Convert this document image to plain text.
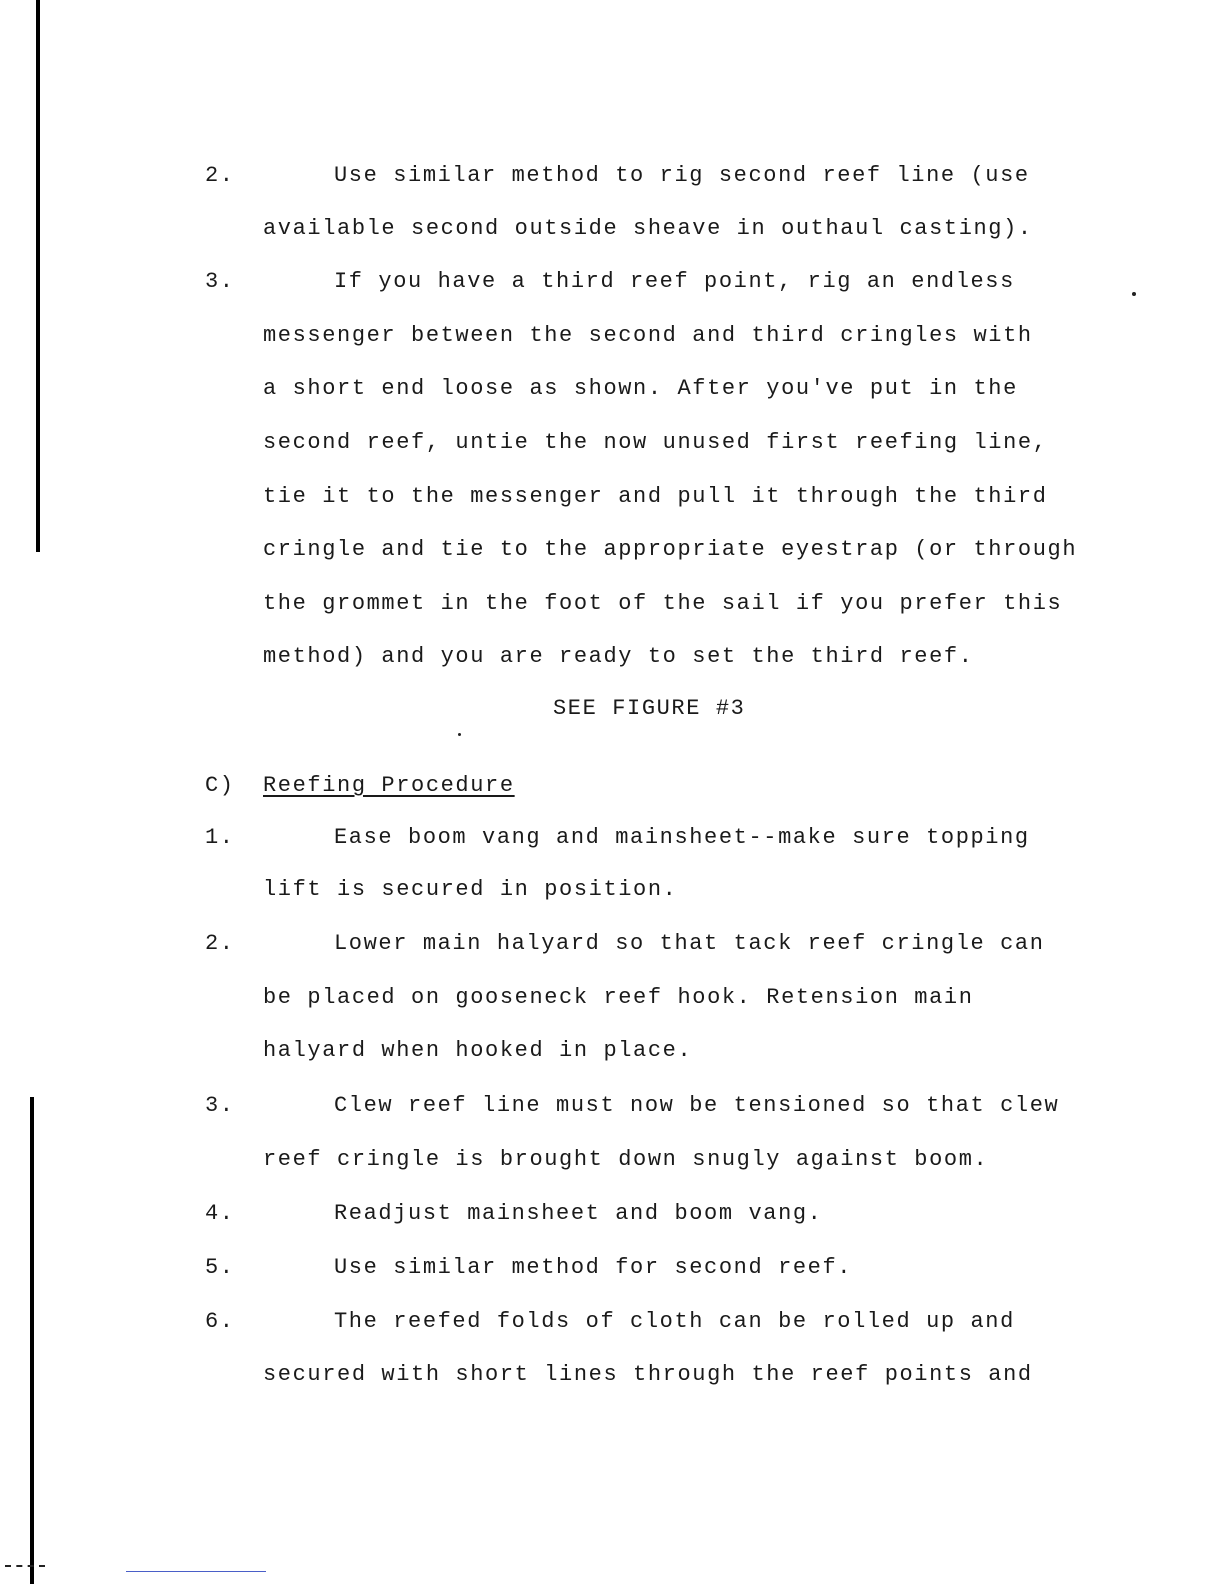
2.	Use similar method to rig second reef line (use
available second outside sheave in outhaul casting).
3.	If you have a third reef point, rig an endless
messenger between the second and third cringles with
a short end loose as shown. After you've put in the
second reef, untie the now unused first reefing line,
tie it to the messenger and pull it through the third
cringle and tie to the appropriate eyestrap (or through
the grommet in the foot of the sail if you prefer this
method) and you are ready to set the third reef.
SEE FIGURE #3
C) Reefing Procedure
1.	Ease boom vang and mainsheet--make sure topping
lift is secured in position.
2.	Lower main halyard so that tack reef cringle can
be placed on gooseneck reef hook. Retension main
halyard when hooked in place.
3.	Clew reef line must now be tensioned so that clew
reef cringle is brought down snugly against boom.
4.	Readjust mainsheet and boom vang.
5.	Use similar method for second reef.
6.	The reefed folds of cloth can be rolled up and
secured with short lines through the reef points and
